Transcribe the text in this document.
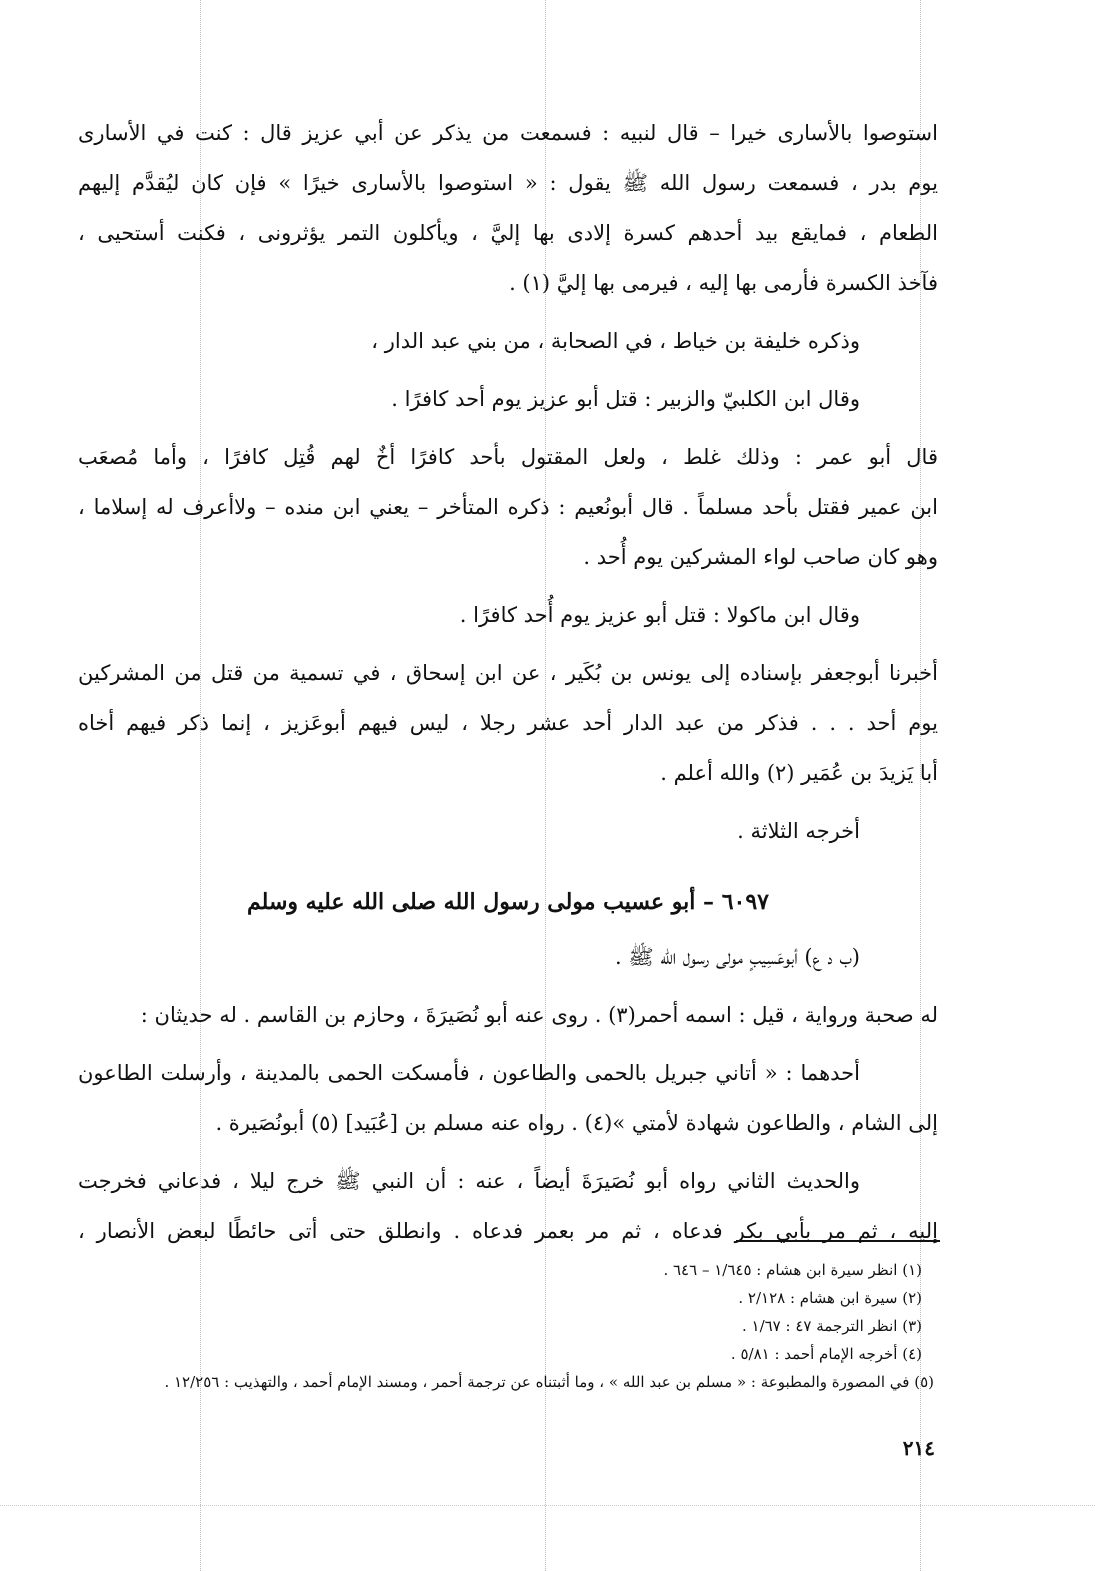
استوصوا بالأسارى خيرا – قال لنبيه : فسمعت من يذكر عن أبي عزيز قال : كنت في الأسارى
يوم بدر ، فسمعت رسول الله ﷺ يقول : « استوصوا بالأسارى خيرًا » فإن كان ليُقدَّم إليهم
الطعام ، فمايقع بيد أحدهم كسرة إلادى بها إليَّ ، ويأكلون التمر يؤثرونى ، فكنت أستحيى ،
فآخذ الكسرة فأرمى بها إليه ، فيرمى بها إليَّ (١) .
وذكره خليفة بن خياط ، في الصحابة ، من بني عبد الدار ،
وقال ابن الكلبيّ والزبير : قتل أبو عزيز يوم أحد كافرًا .
قال أبو عمر : وذلك غلط ، ولعل المقتول بأحد كافرًا أخٌ لهم قُتِل كافرًا ، وأما مُصعَب
ابن عمير فقتل بأحد مسلماً . قال أبونُعيم : ذكره المتأخر – يعني ابن منده – ولاأعرف له إسلاما ،
وهو كان صاحب لواء المشركين يوم أُحد .
وقال ابن ماكولا : قتل أبو عزيز يوم أُحد كافرًا .
أخبرنا أبوجعفر بإسناده إلى يونس بن بُكَير ، عن ابن إسحاق ، في تسمية من قتل من المشركين
يوم أحد . . . فذكر من عبد الدار أحد عشر رجلا ، ليس فيهم أبوعَزيز ، إنما ذكر فيهم أخاه
أبا يَزيدَ بن عُمَير (٢) والله أعلم .
أخرجه الثلاثة .
٦٠٩٧ – أبو عسيب مولى رسول الله صلى الله عليه وسلم
(ب د ع) أبوعَسِيبٍ مولى رسول الله ﷺ .
له صحبة ورواية ، قيل : اسمه أحمر(٣) . روى عنه أبو نُصَيرَةَ ، وحازم بن القاسم . له حديثان :
أحدهما : « أتاني جبريل بالحمى والطاعون ، فأمسكت الحمى بالمدينة ، وأرسلت الطاعون
إلى الشام ، والطاعون شهادة لأمتي »(٤) . رواه عنه مسلم بن [عُبَيد] (٥) أبونُصَيرة .
والحديث الثاني رواه أبو نُصَيرَةَ أيضاً ، عنه : أن النبي ﷺ خرج ليلا ، فدعاني فخرجت
إليه ، ثم مر بأبي بكر فدعاه ، ثم مر بعمر فدعاه . وانطلق حتى أتى حائطًا لبعض الأنصار ،
(١) انظر سيرة ابن هشام : ١/٦٤٥ – ٦٤٦ .
(٢) سيرة ابن هشام : ٢/١٢٨ .
(٣) انظر الترجمة ٤٧ : ١/٦٧ .
(٤) أخرجه الإمام أحمد : ٥/٨١ .
(٥) في المصورة والمطبوعة : « مسلم بن عبد الله » ، وما أثبتناه عن ترجمة أحمر ، ومسند الإمام أحمد ، والتهذيب : ١٢/٢٥٦ .
٢١٤
